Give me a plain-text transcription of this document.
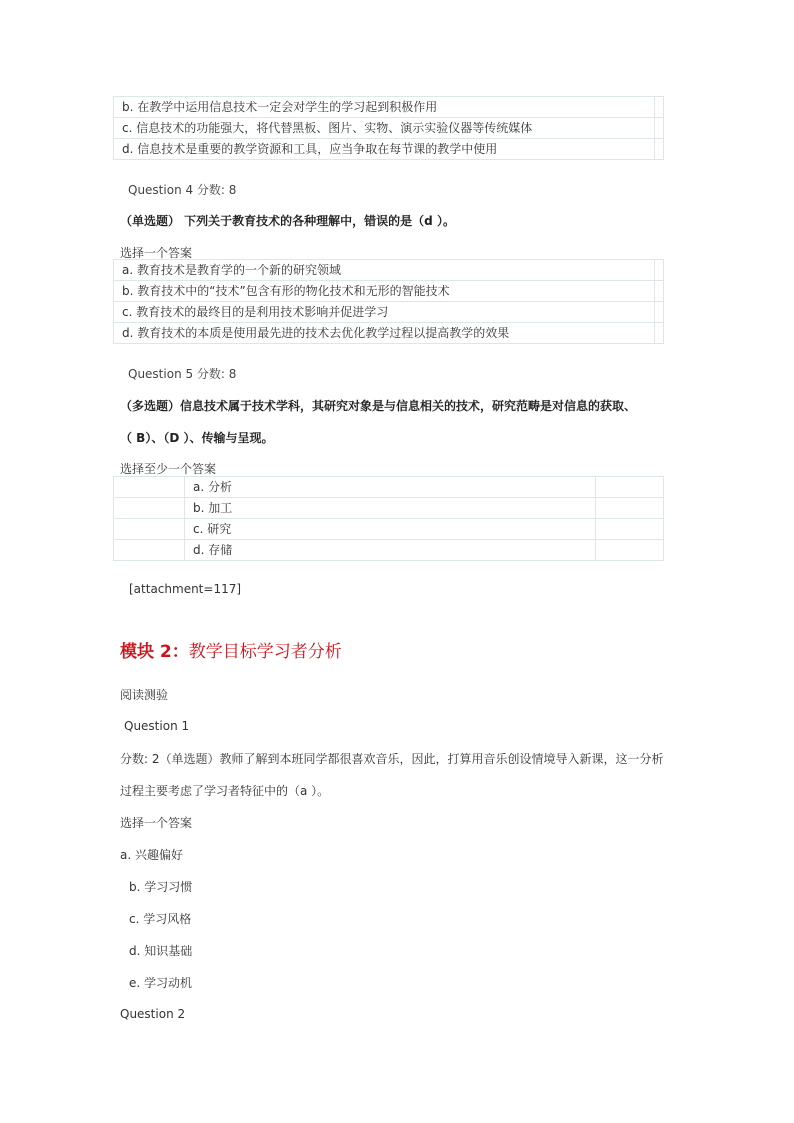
b. 在教学中运用信息技术一定会对学生的学习起到积极作用	
c. 信息技术的功能强大，将代替黑板、图片、实物、演示实验仪器等传统媒体	
d. 信息技术是重要的教学资源和工具，应当争取在每节课的教学中使用	
Question 4 分数: 8
（单选题） 下列关于教育技术的各种理解中，错误的是（d ）。
选择一个答案
a. 教育技术是教育学的一个新的研究领域	
b. 教育技术中的“技术”包含有形的物化技术和无形的智能技术	
c. 教育技术的最终目的是利用技术影响并促进学习	
d. 教育技术的本质是使用最先进的技术去优化教学过程以提高教学的效果	
Question 5 分数: 8
（多选题）信息技术属于技术学科，其研究对象是与信息相关的技术，研究范畴是对信息的获取、
（ B）、（D ）、传输与呈现。
选择至少一个答案
	a. 分析	
	b. 加工	
	c. 研究	
	d. 存储	
[attachment=117]
模块 2：教学目标学习者分析
阅读测验
Question 1
分数: 2（单选题）教师了解到本班同学都很喜欢音乐，因此，打算用音乐创设情境导入新课，这一分析
过程主要考虑了学习者特征中的（a ）。
选择一个答案
a. 兴趣偏好
b. 学习习惯
c. 学习风格
d. 知识基础
e. 学习动机
Question 2
